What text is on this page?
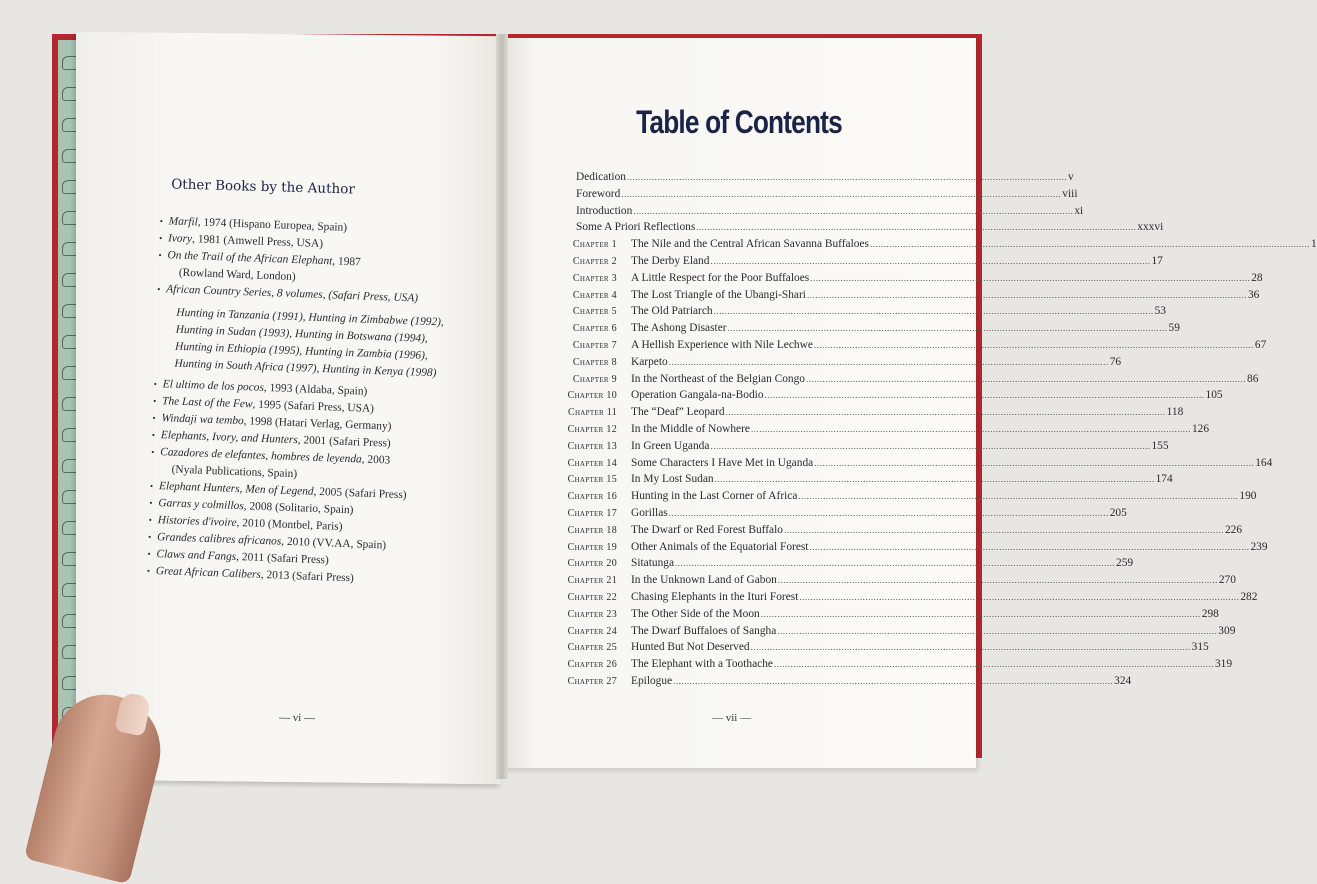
Other Books by the Author
• Marfil, 1974 (Hispano Europea, Spain)
• Ivory, 1981 (Amwell Press, USA)
• On the Trail of the African Elephant, 1987
(Rowland Ward, London)
• African Country Series, 8 volumes, (Safari Press, USA)
Hunting in Tanzania (1991), Hunting in Zimbabwe (1992),
Hunting in Sudan (1993), Hunting in Botswana (1994),
Hunting in Ethiopia (1995), Hunting in Zambia (1996),
Hunting in South Africa (1997), Hunting in Kenya (1998)
• El ultimo de los pocos, 1993 (Aldaba, Spain)
• The Last of the Few, 1995 (Safari Press, USA)
• Windaji wa tembo, 1998 (Hatari Verlag, Germany)
• Elephants, Ivory, and Hunters, 2001 (Safari Press)
• Cazadores de elefantes, hombres de leyenda, 2003
(Nyala Publications, Spain)
• Elephant Hunters, Men of Legend, 2005 (Safari Press)
• Garras y colmillos, 2008 (Solitario, Spain)
• Histories d'ivoire, 2010 (Montbel, Paris)
• Grandes calibres africanos, 2010 (VV.AA, Spain)
• Claws and Fangs, 2011 (Safari Press)
• Great African Calibers, 2013 (Safari Press)
— vi —
Table of Contents
Dedication ................................................................................................................................................................ v
Foreword ................................................................................................................................................................ viii
Introduction ................................................................................................................................................................ xi
Some A Priori Reflections ................................................................................................................................................................ xxxvi
Chapter 1 The Nile and the Central African Savanna Buffaloes ................................................................................................................................................................ 1
Chapter 2 The Derby Eland ................................................................................................................................................................ 17
Chapter 3 A Little Respect for the Poor Buffaloes ................................................................................................................................................................ 28
Chapter 4 The Lost Triangle of the Ubangi-Shari ................................................................................................................................................................ 36
Chapter 5 The Old Patriarch ................................................................................................................................................................ 53
Chapter 6 The Ashong Disaster ................................................................................................................................................................ 59
Chapter 7 A Hellish Experience with Nile Lechwe ................................................................................................................................................................ 67
Chapter 8 Karpeto ................................................................................................................................................................ 76
Chapter 9 In the Northeast of the Belgian Congo ................................................................................................................................................................ 86
Chapter 10 Operation Gangala-na-Bodio ................................................................................................................................................................ 105
Chapter 11 The “Deaf” Leopard ................................................................................................................................................................ 118
Chapter 12 In the Middle of Nowhere ................................................................................................................................................................ 126
Chapter 13 In Green Uganda ................................................................................................................................................................ 155
Chapter 14 Some Characters I Have Met in Uganda ................................................................................................................................................................ 164
Chapter 15 In My Lost Sudan ................................................................................................................................................................ 174
Chapter 16 Hunting in the Last Corner of Africa ................................................................................................................................................................ 190
Chapter 17 Gorillas ................................................................................................................................................................ 205
Chapter 18 The Dwarf or Red Forest Buffalo ................................................................................................................................................................ 226
Chapter 19 Other Animals of the Equatorial Forest ................................................................................................................................................................ 239
Chapter 20 Sitatunga ................................................................................................................................................................ 259
Chapter 21 In the Unknown Land of Gabon ................................................................................................................................................................ 270
Chapter 22 Chasing Elephants in the Ituri Forest ................................................................................................................................................................ 282
Chapter 23 The Other Side of the Moon ................................................................................................................................................................ 298
Chapter 24 The Dwarf Buffaloes of Sangha ................................................................................................................................................................ 309
Chapter 25 Hunted But Not Deserved ................................................................................................................................................................ 315
Chapter 26 The Elephant with a Toothache ................................................................................................................................................................ 319
Chapter 27 Epilogue ................................................................................................................................................................ 324
— vii —
